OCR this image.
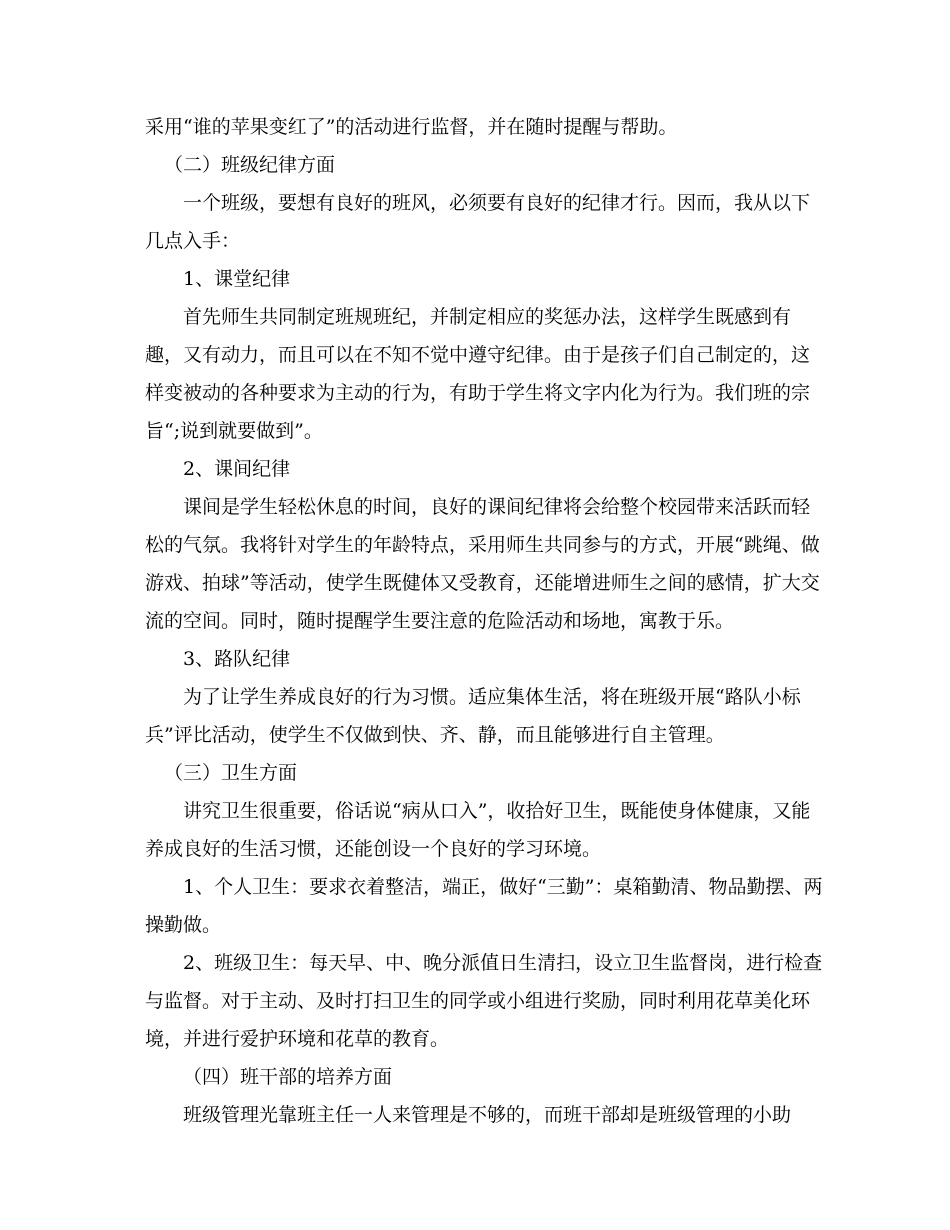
采用“谁的苹果变红了”的活动进行监督，并在随时提醒与帮助。
（二）班级纪律方面
一个班级，要想有良好的班风，必须要有良好的纪律才行。因而，我从以下
几点入手：
1、课堂纪律
首先师生共同制定班规班纪，并制定相应的奖惩办法，这样学生既感到有
趣，又有动力，而且可以在不知不觉中遵守纪律。由于是孩子们自己制定的，这
样变被动的各种要求为主动的行为，有助于学生将文字内化为行为。我们班的宗
旨“;说到就要做到”。
2、课间纪律
课间是学生轻松休息的时间，良好的课间纪律将会给整个校园带来活跃而轻
松的气氛。我将针对学生的年龄特点，采用师生共同参与的方式，开展“跳绳、做
游戏、拍球”等活动，使学生既健体又受教育，还能增进师生之间的感情，扩大交
流的空间。同时，随时提醒学生要注意的危险活动和场地，寓教于乐。
3、路队纪律
为了让学生养成良好的行为习惯。适应集体生活，将在班级开展“路队小标
兵”评比活动，使学生不仅做到快、齐、静，而且能够进行自主管理。
（三）卫生方面
讲究卫生很重要，俗话说“病从口入”，收拾好卫生，既能使身体健康，又能
养成良好的生活习惯，还能创设一个良好的学习环境。
1、个人卫生：要求衣着整洁，端正，做好“三勤”：桌箱勤清、物品勤摆、两
操勤做。
2、班级卫生：每天早、中、晚分派值日生清扫，设立卫生监督岗，进行检查
与监督。对于主动、及时打扫卫生的同学或小组进行奖励，同时利用花草美化环
境，并进行爱护环境和花草的教育。
（四）班干部的培养方面
班级管理光靠班主任一人来管理是不够的，而班干部却是班级管理的小助
